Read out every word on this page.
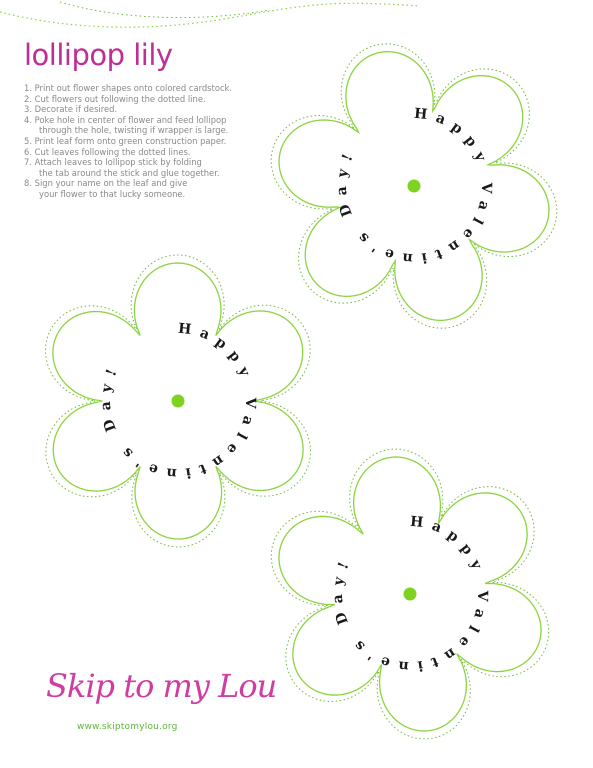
lollipop lily
1. Print out flower shapes onto colored cardstock.
2. Cut flowers out following the dotted line.
3. Decorate if desired.
4. Poke hole in center of flower and feed lollipop
through the hole, twisting if wrapper is large.
5. Print leaf form onto green construction paper.
6. Cut leaves following the dotted lines.
7. Attach leaves to lollipop stick by folding
the tab around the stick and glue together.
8. Sign your name on the leaf and give
your flower to that lucky someone.
Happy Valentine's Day!
Happy Valentine's Day!
Happy Valentine's Day!
Skip to my Lou
www.skiptomylou.org
